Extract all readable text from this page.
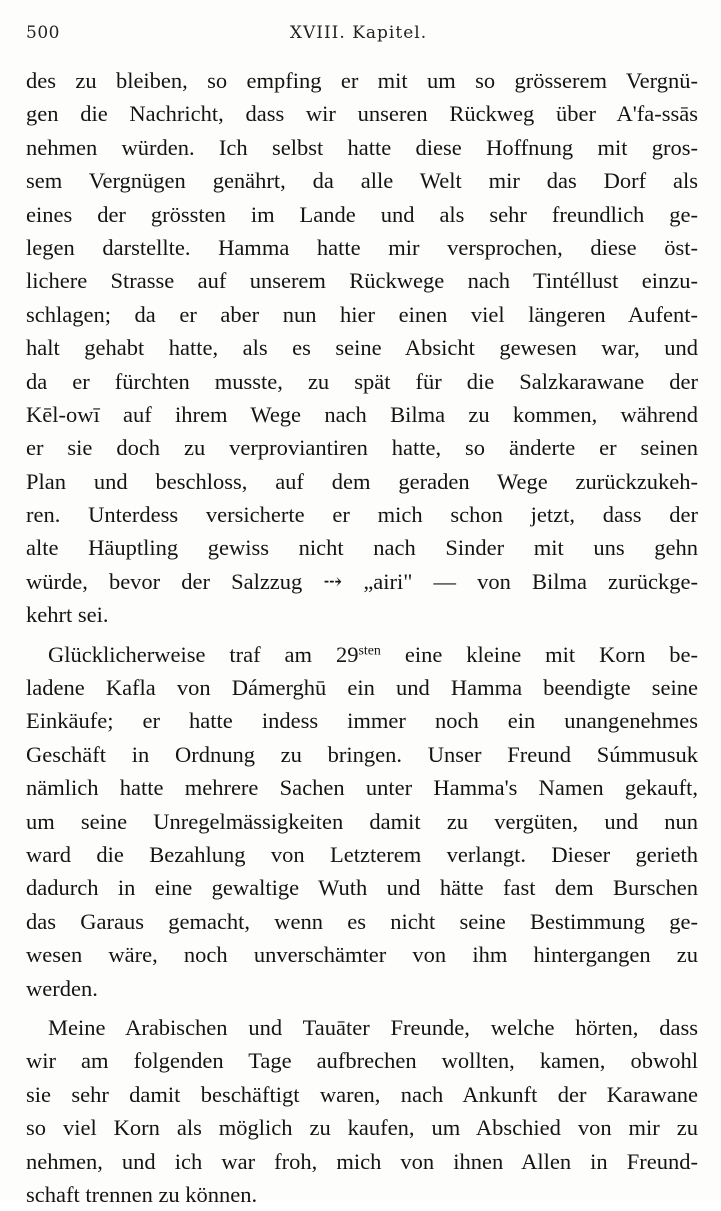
500	XVIII. Kapitel.
des zu bleiben, so empfing er mit um so grösserem Vergnü-
gen die Nachricht, dass wir unseren Rückweg über A'fa-ssās
nehmen würden. Ich selbst hatte diese Hoffnung mit gros-
sem Vergnügen genährt, da alle Welt mir das Dorf als
eines der grössten im Lande und als sehr freundlich ge-
legen darstellte. Hamma hatte mir versprochen, diese öst-
lichere Strasse auf unserem Rückwege nach Tintéllust einzu-
schlagen; da er aber nun hier einen viel längeren Aufent-
halt gehabt hatte, als es seine Absicht gewesen war, und
da er fürchten musste, zu spät für die Salzkarawane der
Kēl-owī auf ihrem Wege nach Bilma zu kommen, während
er sie doch zu verproviantiren hatte, so änderte er seinen
Plan und beschloss, auf dem geraden Wege zurückzukeh-
ren. Unterdess versicherte er mich schon jetzt, dass der
alte Häuptling gewiss nicht nach Sinder mit uns gehn
würde, bevor der Salzzug ⤏ „airi" — von Bilma zurückge-
kehrt sei.
Glücklicherweise traf am $29^{sten}$ eine kleine mit Korn be-
ladene Kafla von Dámerghū ein und Hamma beendigte seine
Einkäufe; er hatte indess immer noch ein unangenehmes
Geschäft in Ordnung zu bringen. Unser Freund Súmmusuk
nämlich hatte mehrere Sachen unter Hamma's Namen gekauft,
um seine Unregelmässigkeiten damit zu vergüten, und nun
ward die Bezahlung von Letzterem verlangt. Dieser gerieth
dadurch in eine gewaltige Wuth und hätte fast dem Burschen
das Garaus gemacht, wenn es nicht seine Bestimmung ge-
wesen wäre, noch unverschämter von ihm hintergangen zu
werden.
Meine Arabischen und Tauāter Freunde, welche hörten, dass
wir am folgenden Tage aufbrechen wollten, kamen, obwohl
sie sehr damit beschäftigt waren, nach Ankunft der Karawane
so viel Korn als möglich zu kaufen, um Abschied von mir zu
nehmen, und ich war froh, mich von ihnen Allen in Freund-
schaft trennen zu können.
